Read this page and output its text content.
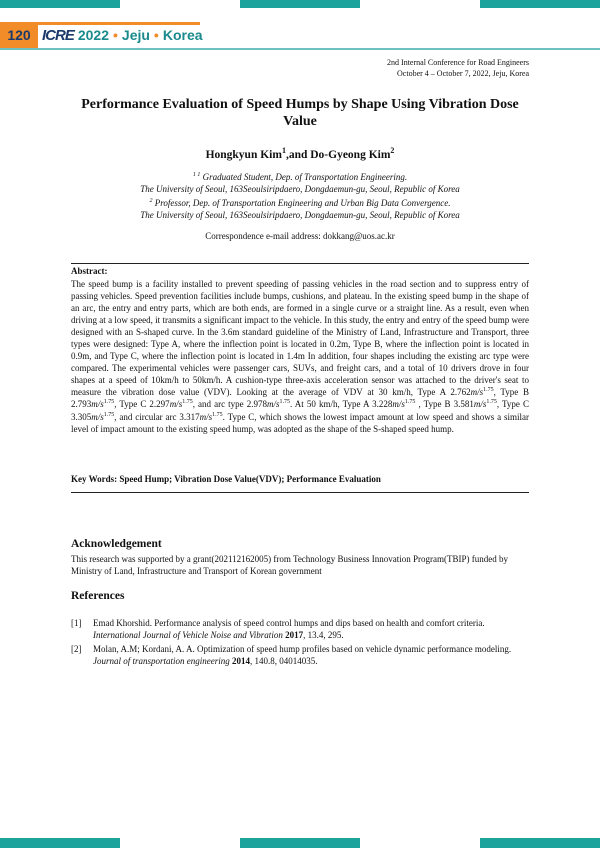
120 ICRE 2022 • Jeju • Korea
2nd Internal Conference for Road Engineers
October 4 – October 7, 2022, Jeju, Korea
Performance Evaluation of Speed Humps by Shape Using Vibration Dose Value
Hongkyun Kim$^1$,and Do-Gyeong Kim$^2$
$^{1 1}$ Graduated Student, Dep. of Transportation Engineering.
The University of Seoul, 163Seoulsiripdaero, Dongdaemun-gu, Seoul, Republic of Korea
$^2$ Professor, Dep. of Transportation Engineering and Urban Big Data Convergence.
The University of Seoul, 163Seoulsiripdaero, Dongdaemun-gu, Seoul, Republic of Korea
Correspondence e-mail address: dokkang@uos.ac.kr
Abstract:
The speed bump is a facility installed to prevent speeding of passing vehicles in the road section and to suppress entry of passing vehicles. Speed prevention facilities include bumps, cushions, and plateau. In the existing speed bump in the shape of an arc, the entry and entry parts, which are both ends, are formed in a single curve or a straight line. As a result, even when driving at a low speed, it transmits a significant impact to the vehicle. In this study, the entry and entry of the speed bump were designed with an S-shaped curve. In the 3.6m standard guideline of the Ministry of Land, Infrastructure and Transport, three types were designed: Type A, where the inflection point is located in 0.2m, Type B, where the inflection point is located in 0.9m, and Type C, where the inflection point is located in 1.4m In addition, four shapes including the existing arc type were compared. The experimental vehicles were passenger cars, SUVs, and freight cars, and a total of 10 drivers drove in four shapes at a speed of 10km/h to 50km/h. A cushion-type three-axis acceleration sensor was attached to the driver's seat to measure the vibration dose value (VDV). Looking at the average of VDV at 30 km/h, Type A $2.762m/s^{1.75}$, Type B $2.793m/s^{1.75}$, Type C $2.297m/s^{1.75}$, and arc type $2.978m/s^{1.75}$. At 50 km/h, Type A $3.228m/s^{1.75}$ , Type B $3.581m/s^{1.75}$, Type C $3.305m/s^{1.75}$, and circular arc $3.317m/s^{1.75}$. Type C, which shows the lowest impact amount at low speed and shows a similar level of impact amount to the existing speed hump, was adopted as the shape of the S-shaped speed hump.
Key Words: Speed Hump; Vibration Dose Value(VDV); Performance Evaluation
Acknowledgement
This research was supported by a grant(202112162005) from Technology Business Innovation Program(TBIP) funded by Ministry of Land, Infrastructure and Transport of Korean government
References
[1]	Emad Khorshid. Performance analysis of speed control humps and dips based on health and comfort criteria. International Journal of Vehicle Noise and Vibration 2017, 13.4, 295.
[2]	Molan, A.M; Kordani, A. A. Optimization of speed hump profiles based on vehicle dynamic performance modeling. Journal of transportation engineering 2014, 140.8, 04014035.
